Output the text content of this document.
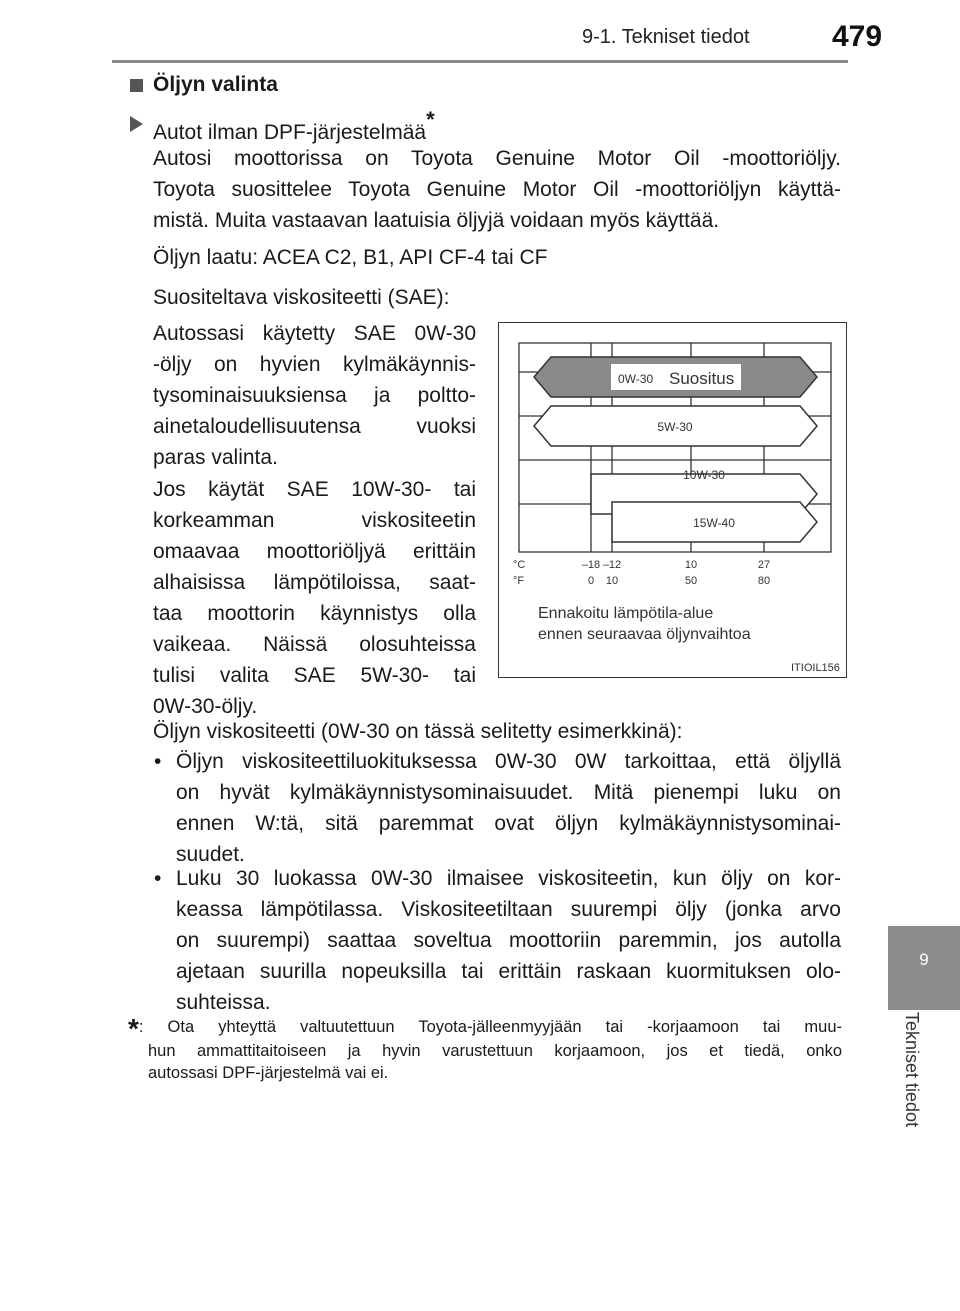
9-1. Tekniset tiedot	479
9
Tekniset tiedot
Öljyn valinta
Autot ilman DPF-järjestelmää*
Autosi moottorissa on Toyota Genuine Motor Oil -moottoriöljy.
Toyota suosittelee Toyota Genuine Motor Oil -moottoriöljyn käyttä-
mistä. Muita vastaavan laatuisia öljyjä voidaan myös käyttää.
Öljyn laatu: ACEA C2, B1, API CF-4 tai CF
Suositeltava viskositeetti (SAE):
Autossasi käytetty SAE 0W-30
-öljy on hyvien kylmäkäynnis-
tysominaisuuksiensa ja poltto-
ainetaloudellisuutensa vuoksi
paras valinta.
Jos käytät SAE 10W-30- tai
korkeamman viskositeetin
omaavaa moottoriöljyä erittäin
alhaisissa lämpötiloissa, saat-
taa moottorin käynnistys olla
vaikeaa. Näissä olosuhteissa
tulisi valita SAE 5W-30- tai
0W-30-öljy.
0W-30 Suositus
5W-30
10W-30
15W-40
°C
°F
–18 –12	10	27
0 10	50	80
Ennakoitu lämpötila-alue
ennen seuraavaa öljynvaihtoa
ITIOIL156
Öljyn viskositeetti (0W-30 on tässä selitetty esimerkkinä):
• Öljyn viskositeettiluokituksessa 0W-30 0W tarkoittaa, että öljyllä
on hyvät kylmäkäynnistysominaisuudet. Mitä pienempi luku on
ennen W:tä, sitä paremmat ovat öljyn kylmäkäynnistysominai-
suudet.
• Luku 30 luokassa 0W-30 ilmaisee viskositeetin, kun öljy on kor-
keassa lämpötilassa. Viskositeetiltaan suurempi öljy (jonka arvo
on suurempi) saattaa soveltua moottoriin paremmin, jos autolla
ajetaan suurilla nopeuksilla tai erittäin raskaan kuormituksen olo-
suhteissa.
*: Ota yhteyttä valtuutettuun Toyota-jälleenmyyjään tai -korjaamoon tai muu-
hun ammattitaitoiseen ja hyvin varustettuun korjaamoon, jos et tiedä, onko
autossasi DPF-järjestelmä vai ei.
